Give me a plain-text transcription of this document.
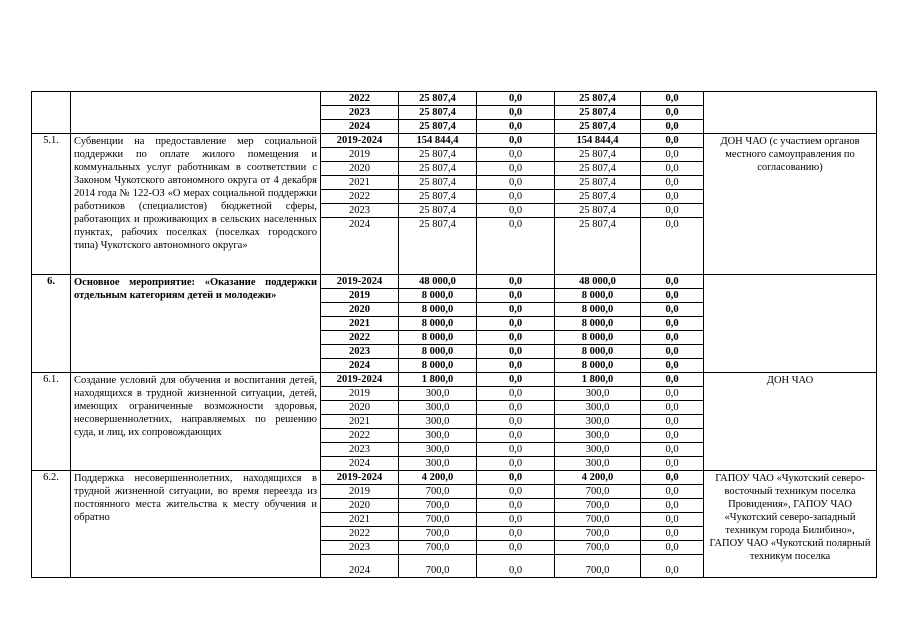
		2022	25 807,4	0,0	25 807,4	0,0	
		2023	25 807,4	0,0	25 807,4	0,0	
		2024	25 807,4	0,0	25 807,4	0,0	
5.1.	Субвенции на предоставление мер социальной поддержки по оплате жилого помещения и коммунальных услуг работникам в соответствии с Законом Чукотского автономного округа от 4 декабря 2014 года № 122-ОЗ «О мерах социальной поддержки работников (специалистов) бюджетной сферы, работающих и проживающих в сельских населенных пунктах, рабочих поселках (поселках городского типа) Чукотского автономного округа»	2019-2024	154 844,4	0,0	154 844,4	0,0	ДОН ЧАО (с участием органов местного самоуправления по согласованию)
		2019	25 807,4	0,0	25 807,4	0,0	
		2020	25 807,4	0,0	25 807,4	0,0	
		2021	25 807,4	0,0	25 807,4	0,0	
		2022	25 807,4	0,0	25 807,4	0,0	
		2023	25 807,4	0,0	25 807,4	0,0	
		2024	25 807,4	0,0	25 807,4	0,0	
6.	Основное мероприятие: «Оказание поддержки отдельным категориям детей и молодежи»	2019-2024	48 000,0	0,0	48 000,0	0,0	
		2019	8 000,0	0,0	8 000,0	0,0	
		2020	8 000,0	0,0	8 000,0	0,0	
		2021	8 000,0	0,0	8 000,0	0,0	
		2022	8 000,0	0,0	8 000,0	0,0	
		2023	8 000,0	0,0	8 000,0	0,0	
		2024	8 000,0	0,0	8 000,0	0,0	
6.1.	Создание условий для обучения и воспитания детей, находящихся в трудной жизненной ситуации, детей, имеющих ограниченные возможности здоровья, несовершеннолетних, направляемых по решению суда, и лиц, их сопровождающих	2019-2024	1 800,0	0,0	1 800,0	0,0	ДОН ЧАО
		2019	300,0	0,0	300,0	0,0	
		2020	300,0	0,0	300,0	0,0	
		2021	300,0	0,0	300,0	0,0	
		2022	300,0	0,0	300,0	0,0	
		2023	300,0	0,0	300,0	0,0	
		2024	300,0	0,0	300,0	0,0	
6.2.	Поддержка несовершеннолетних, находящихся в трудной жизненной ситуации, во время переезда из постоянного места жительства к месту обучения и обратно	2019-2024	4 200,0	0,0	4 200,0	0,0	ГАПОУ ЧАО «Чукотский северо-восточный техникум поселка Провидения», ГАПОУ ЧАО «Чукотский северо-западный техникум города Билибино», ГАПОУ ЧАО «Чукотский полярный техникум поселка
		2019	700,0	0,0	700,0	0,0	
		2020	700,0	0,0	700,0	0,0	
		2021	700,0	0,0	700,0	0,0	
		2022	700,0	0,0	700,0	0,0	
		2023	700,0	0,0	700,0	0,0	
		2024	700,0	0,0	700,0	0,0	
